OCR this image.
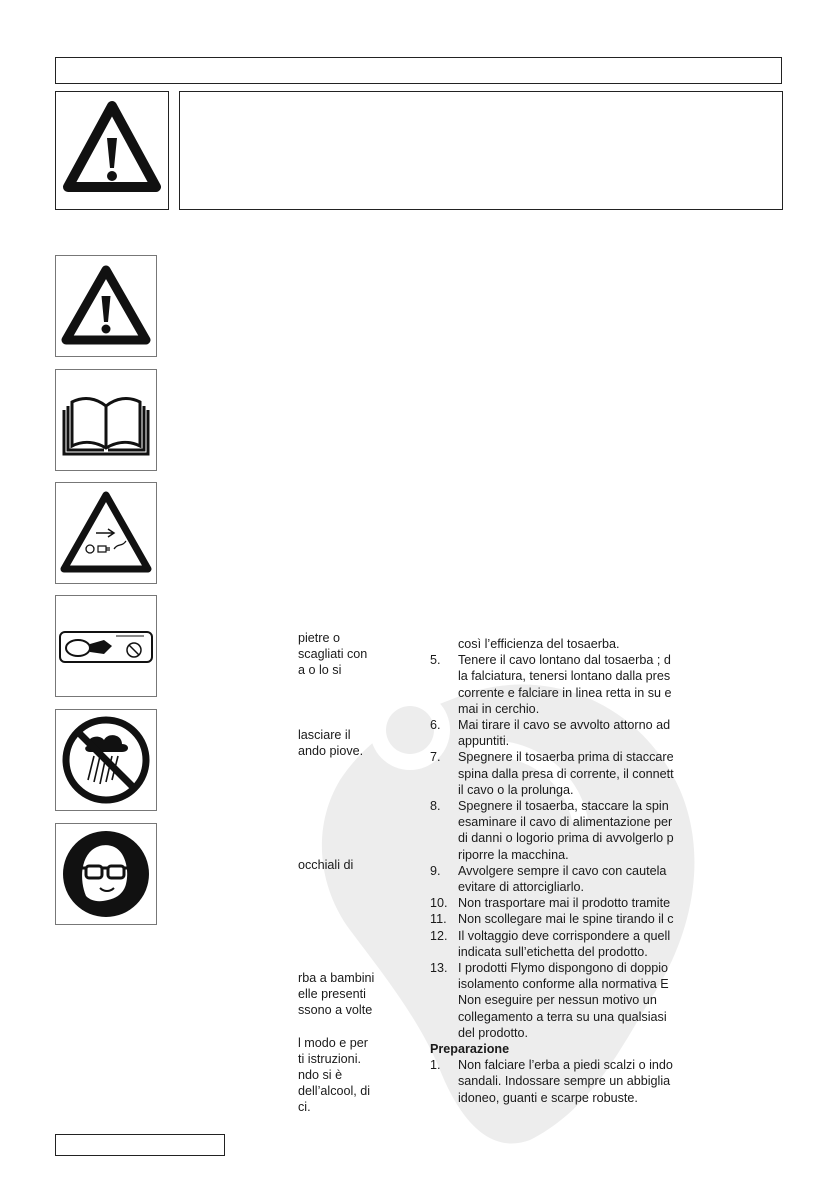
pietre o
scagliati con
a o lo si
lasciare il
ando piove.
occhiali di
rba a bambini
elle presenti
ssono a volte
l modo e per
ti istruzioni.
ndo si è
dell’alcool, di
ci.
così l’efficienza del tosaerba.
5. Tenere il cavo lontano dal tosaerba ; d
la falciatura, tenersi lontano dalla pres
corrente e falciare in linea retta in su e
mai in cerchio.
6. Mai tirare il cavo se avvolto attorno ad
appuntiti.
7. Spegnere il tosaerba prima di staccare
spina dalla presa di corrente, il connett
il cavo o la prolunga.
8. Spegnere il tosaerba, staccare la spin
esaminare il cavo di alimentazione per
di danni o logorio prima di avvolgerlo p
riporre la macchina.
9. Avvolgere sempre il cavo con cautela
evitare di attorcigliarlo.
10. Non trasportare mai il prodotto tramite
11. Non scollegare mai le spine tirando il c
12. Il voltaggio deve corrispondere a quell
indicata sull’etichetta del prodotto.
13. I prodotti Flymo dispongono di doppio
isolamento conforme alla normativa E
Non eseguire per nessun motivo un
collegamento a terra su una qualsiasi
del prodotto.
Preparazione
1. Non falciare l’erba a piedi scalzi o indo
sandali. Indossare sempre un abbiglia
idoneo, guanti e scarpe robuste.
